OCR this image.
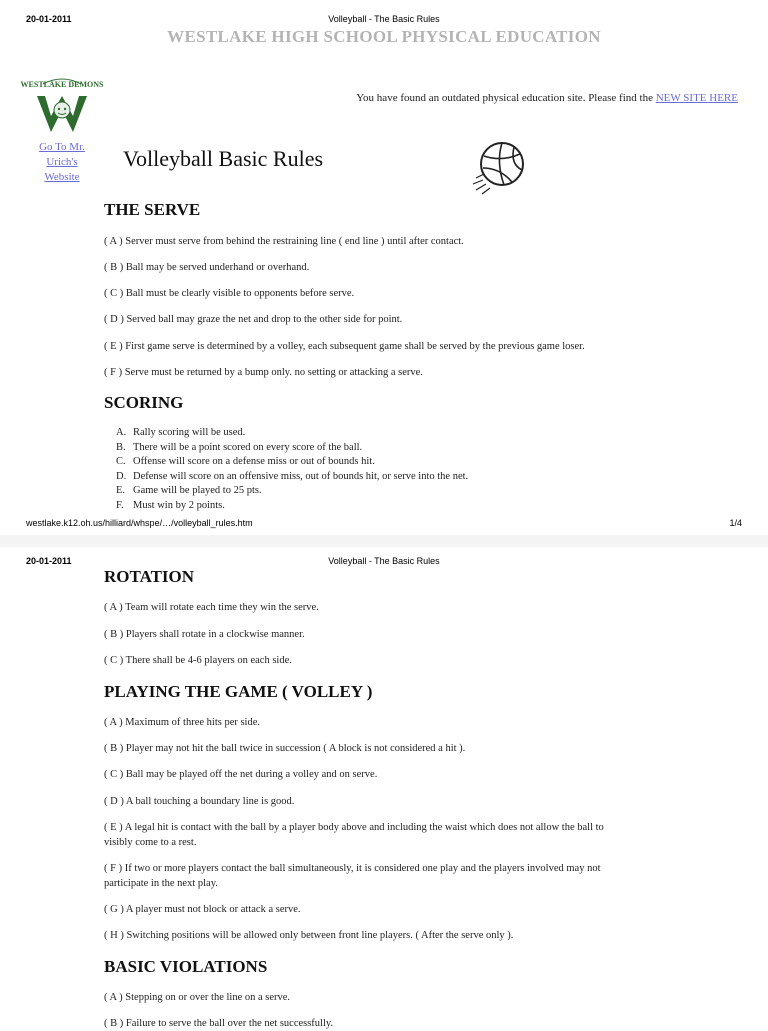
20-01-2011	Volleyball - The Basic Rules
WESTLAKE HIGH SCHOOL PHYSICAL EDUCATION
WESTLAKE DEMONS
You have found an outdated physical education site. Please find the NEW SITE HERE
Go To Mr. Urich's Website
Volleyball Basic Rules
THE SERVE
( A ) Server must serve from behind the restraining line ( end line ) until after contact.
( B ) Ball may be served underhand or overhand.
( C ) Ball must be clearly visible to opponents before serve.
( D ) Served ball may graze the net and drop to the other side for point.
( E ) First game serve is determined by a volley, each subsequent game shall be served by the previous game loser.
( F ) Serve must be returned by a bump only. no setting or attacking a serve.
SCORING
A. Rally scoring will be used.
B. There will be a point scored on every score of the ball.
C. Offense will score on a defense miss or out of bounds hit.
D. Defense will score on an offensive miss, out of bounds hit, or serve into the net.
E. Game will be played to 25 pts.
F. Must win by 2 points.
westlake.k12.oh.us/hilliard/whspe/…/volleyball_rules.htm	1/4
20-01-2011	Volleyball - The Basic Rules
ROTATION
( A ) Team will rotate each time they win the serve.
( B ) Players shall rotate in a clockwise manner.
( C ) There shall be 4-6 players on each side.
PLAYING THE GAME ( VOLLEY )
( A ) Maximum of three hits per side.
( B ) Player may not hit the ball twice in succession ( A block is not considered a hit ).
( C ) Ball may be played off the net during a volley and on serve.
( D ) A ball touching a boundary line is good.
( E ) A legal hit is contact with the ball by a player body above and including the waist which does not allow the ball to visibly come to a rest.
( F ) If two or more players contact the ball simultaneously, it is considered one play and the players involved may not participate in the next play.
( G ) A player must not block or attack a serve.
( H ) Switching positions will be allowed only between front line players. ( After the serve only ).
BASIC VIOLATIONS
( A ) Stepping on or over the line on a serve.
( B ) Failure to serve the ball over the net successfully.
